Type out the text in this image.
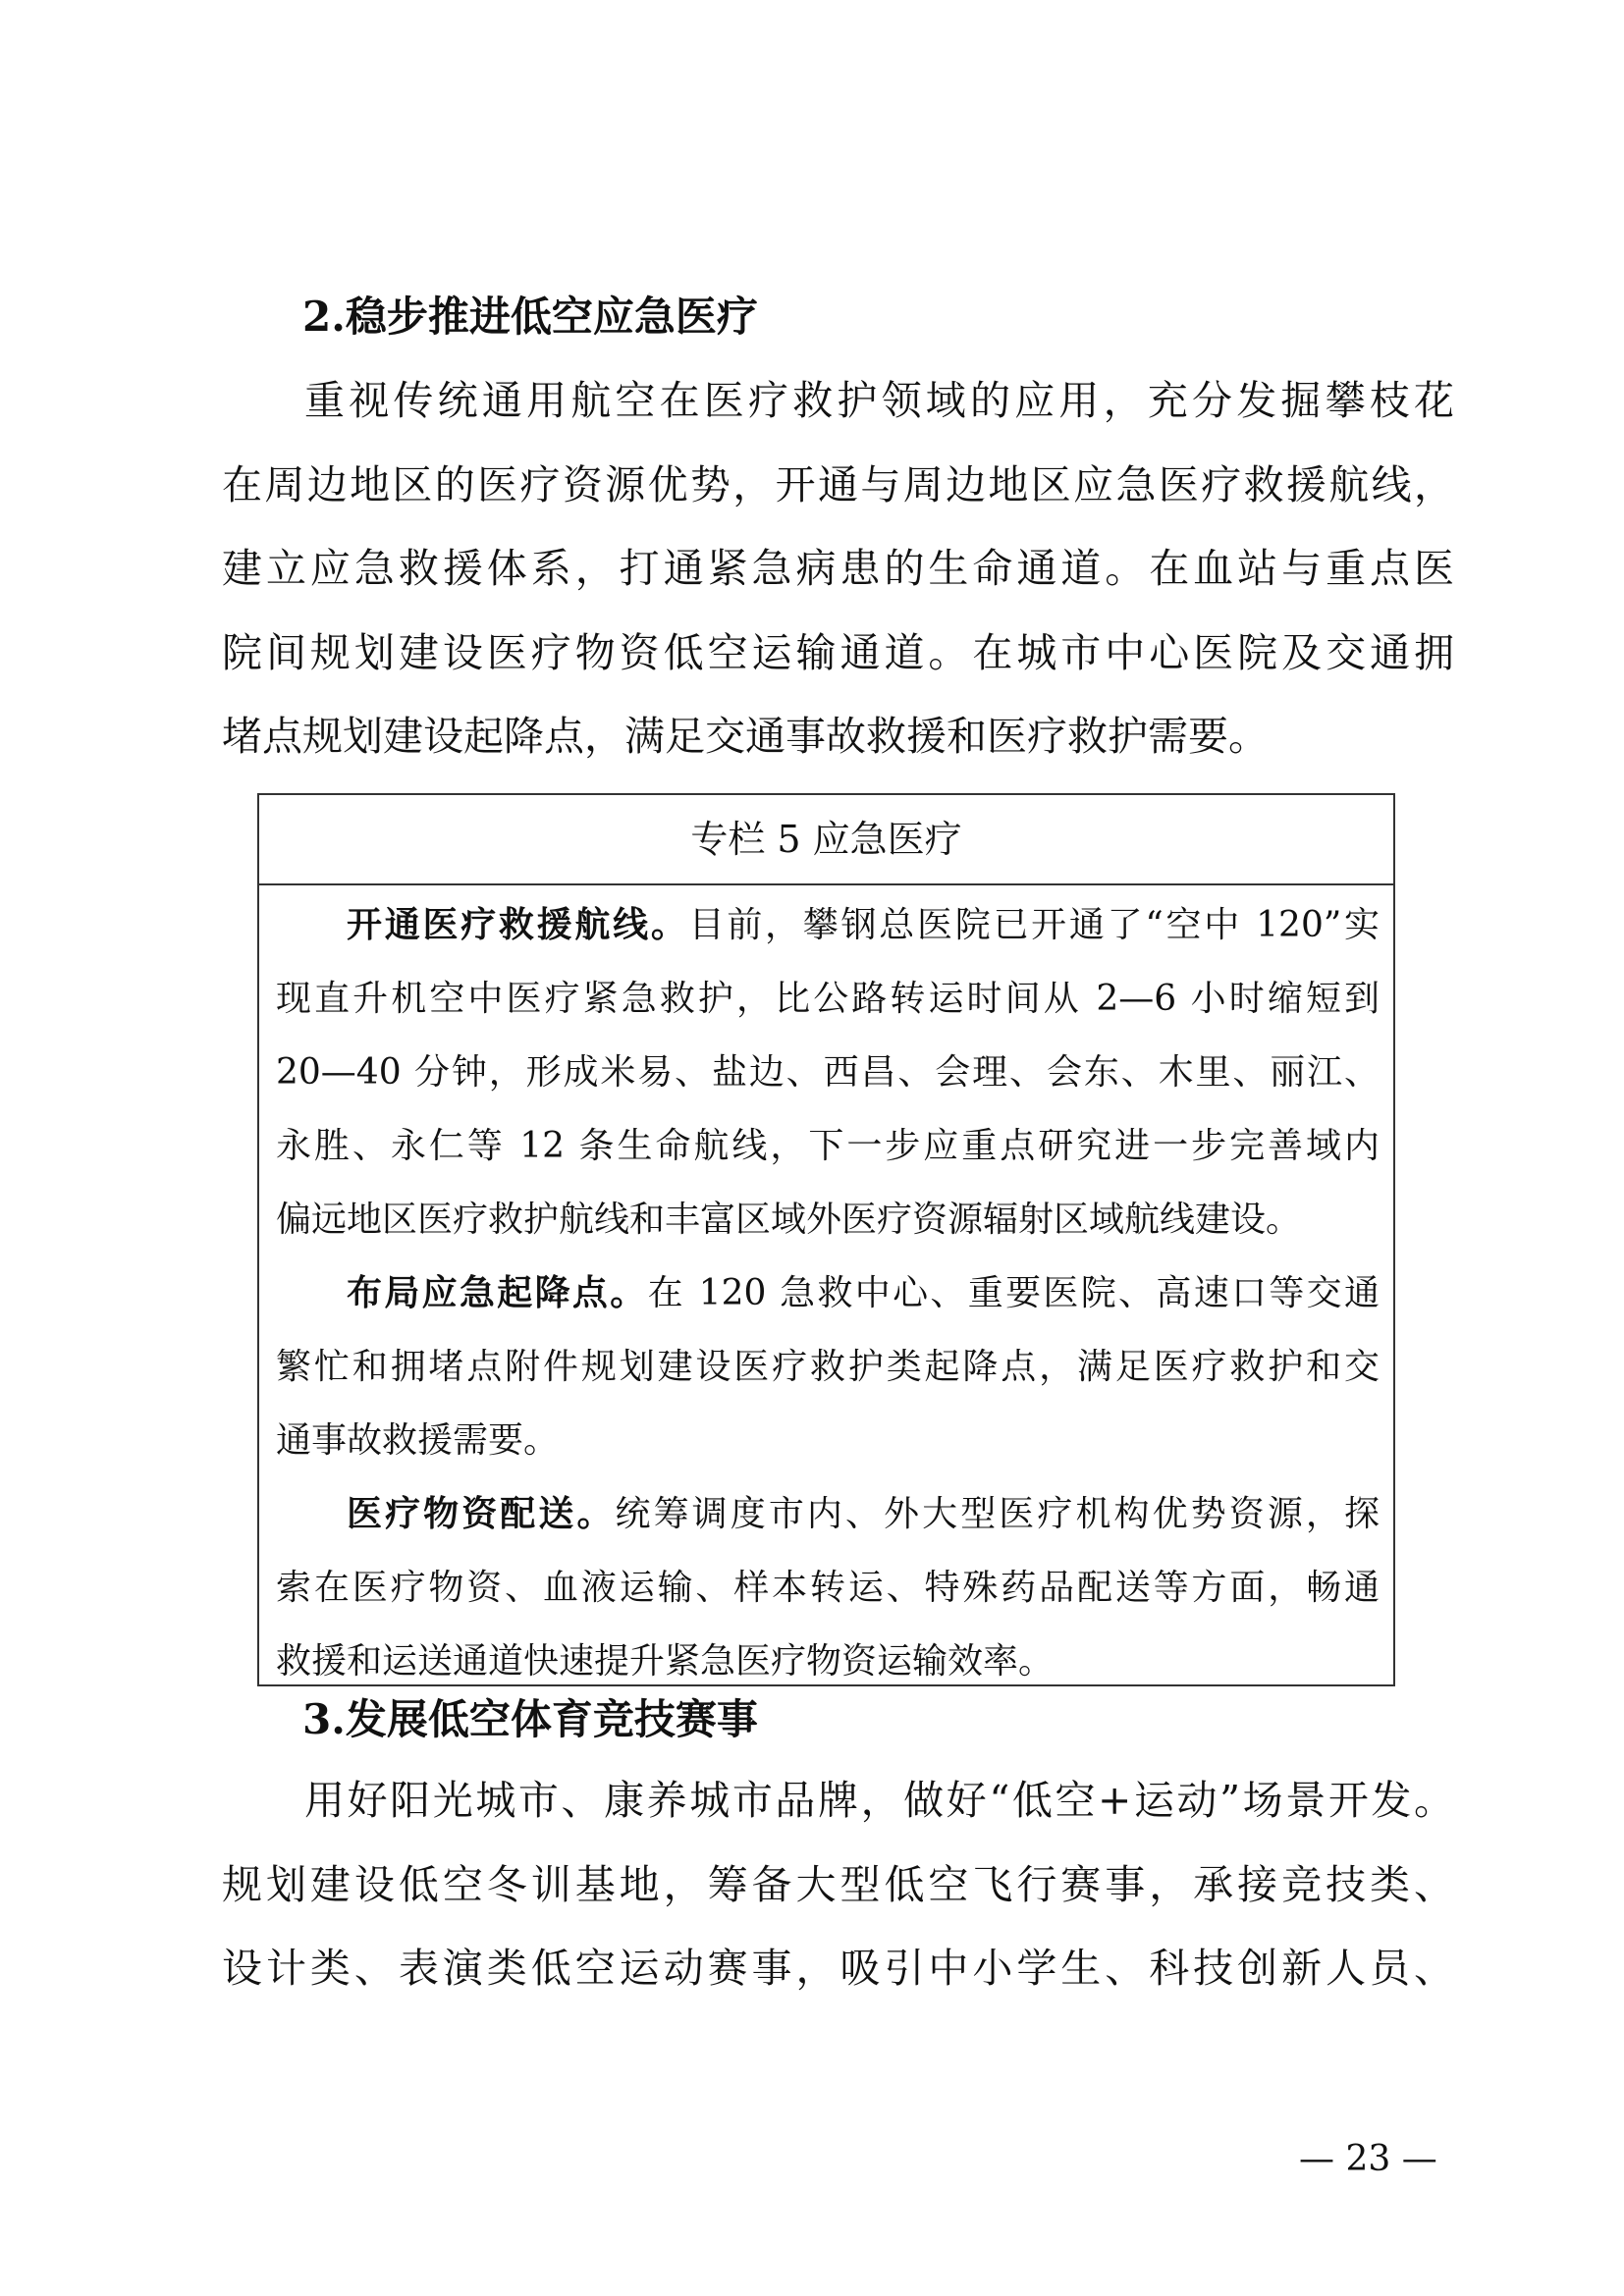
2.稳步推进低空应急医疗
重视传统通用航空在医疗救护领域的应用，充分发掘攀枝花
在周边地区的医疗资源优势，开通与周边地区应急医疗救援航线，
建立应急救援体系，打通紧急病患的生命通道。在血站与重点医
院间规划建设医疗物资低空运输通道。在城市中心医院及交通拥
堵点规划建设起降点，满足交通事故救援和医疗救护需要。
专栏 5 应急医疗
开通医疗救援航线。目前，攀钢总医院已开通了“空中 120”实
现直升机空中医疗紧急救护，比公路转运时间从 2—6 小时缩短到
20—40 分钟，形成米易、盐边、西昌、会理、会东、木里、丽江、
永胜、永仁等 12 条生命航线，下一步应重点研究进一步完善域内
偏远地区医疗救护航线和丰富区域外医疗资源辐射区域航线建设。
布局应急起降点。在 120 急救中心、重要医院、高速口等交通
繁忙和拥堵点附件规划建设医疗救护类起降点，满足医疗救护和交
通事故救援需要。
医疗物资配送。统筹调度市内、外大型医疗机构优势资源，探
索在医疗物资、血液运输、样本转运、特殊药品配送等方面，畅通
救援和运送通道快速提升紧急医疗物资运输效率。
3.发展低空体育竞技赛事
用好阳光城市、康养城市品牌，做好“低空+运动”场景开发。
规划建设低空冬训基地，筹备大型低空飞行赛事，承接竞技类、
设计类、表演类低空运动赛事，吸引中小学生、科技创新人员、
— 23 —
